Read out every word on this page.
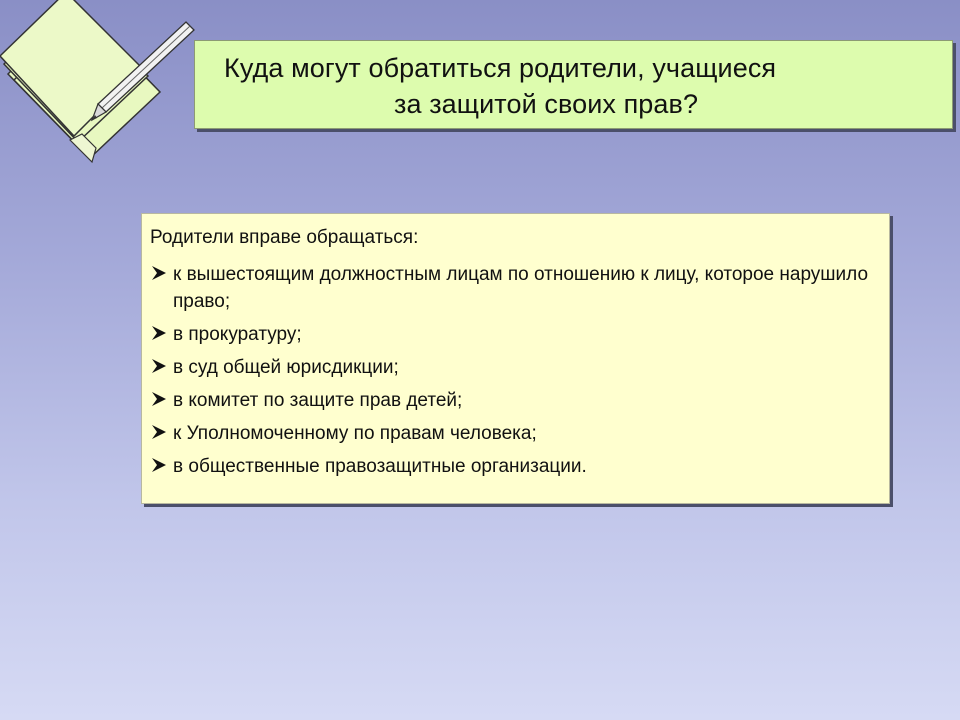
Куда могут обратиться родители, учащиеся
за защитой своих прав?
Родители вправе обращаться:
к вышестоящим должностным лицам по отношению к лицу, которое нарушило право;
в прокуратуру;
в суд общей юрисдикции;
в комитет по защите прав детей;
к Уполномоченному по правам человека;
в общественные правозащитные организации.
